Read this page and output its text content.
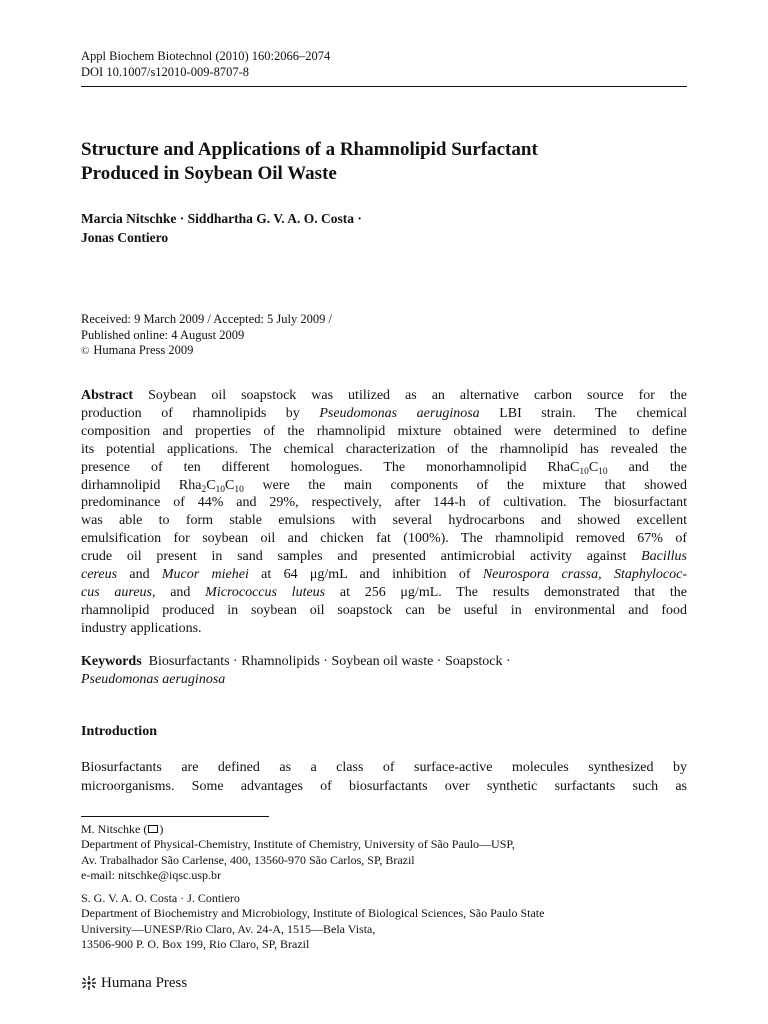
Appl Biochem Biotechnol (2010) 160:2066–2074
DOI 10.1007/s12010-009-8707-8
Structure and Applications of a Rhamnolipid Surfactant
Produced in Soybean Oil Waste
Marcia Nitschke · Siddhartha G. V. A. O. Costa ·
Jonas Contiero
Received: 9 March 2009 / Accepted: 5 July 2009 /
Published online: 4 August 2009
© Humana Press 2009
Abstract Soybean oil soapstock was utilized as an alternative carbon source for the
production of rhamnolipids by Pseudomonas aeruginosa LBI strain. The chemical
composition and properties of the rhamnolipid mixture obtained were determined to define
its potential applications. The chemical characterization of the rhamnolipid has revealed the
presence of ten different homologues. The monorhamnolipid $RhaC_{10}C_{10}$ and the
dirhamnolipid $Rha_2C_{10}C_{10}$ were the main components of the mixture that showed
predominance of 44% and 29%, respectively, after 144-h of cultivation. The biosurfactant
was able to form stable emulsions with several hydrocarbons and showed excellent
emulsification for soybean oil and chicken fat (100%). The rhamnolipid removed 67% of
crude oil present in sand samples and presented antimicrobial activity against Bacillus
cereus and Mucor miehei at 64 μg/mL and inhibition of Neurospora crassa, Staphylococ-
cus aureus, and Micrococcus luteus at 256 μg/mL. The results demonstrated that the
rhamnolipid produced in soybean oil soapstock can be useful in environmental and food
industry applications.
Keywords Biosurfactants · Rhamnolipids · Soybean oil waste · Soapstock ·
Pseudomonas aeruginosa
Introduction
Biosurfactants are defined as a class of surface-active molecules synthesized by
microorganisms. Some advantages of biosurfactants over synthetic surfactants such as
M. Nitschke ( )
Department of Physical-Chemistry, Institute of Chemistry, University of São Paulo—USP,
Av. Trabalhador São Carlense, 400, 13560-970 São Carlos, SP, Brazil
e-mail: nitschke@iqsc.usp.br
S. G. V. A. O. Costa · J. Contiero
Department of Biochemistry and Microbiology, Institute of Biological Sciences, São Paulo State
University—UNESP/Rio Claro, Av. 24-A, 1515—Bela Vista,
13506-900 P. O. Box 199, Rio Claro, SP, Brazil
Humana Press
